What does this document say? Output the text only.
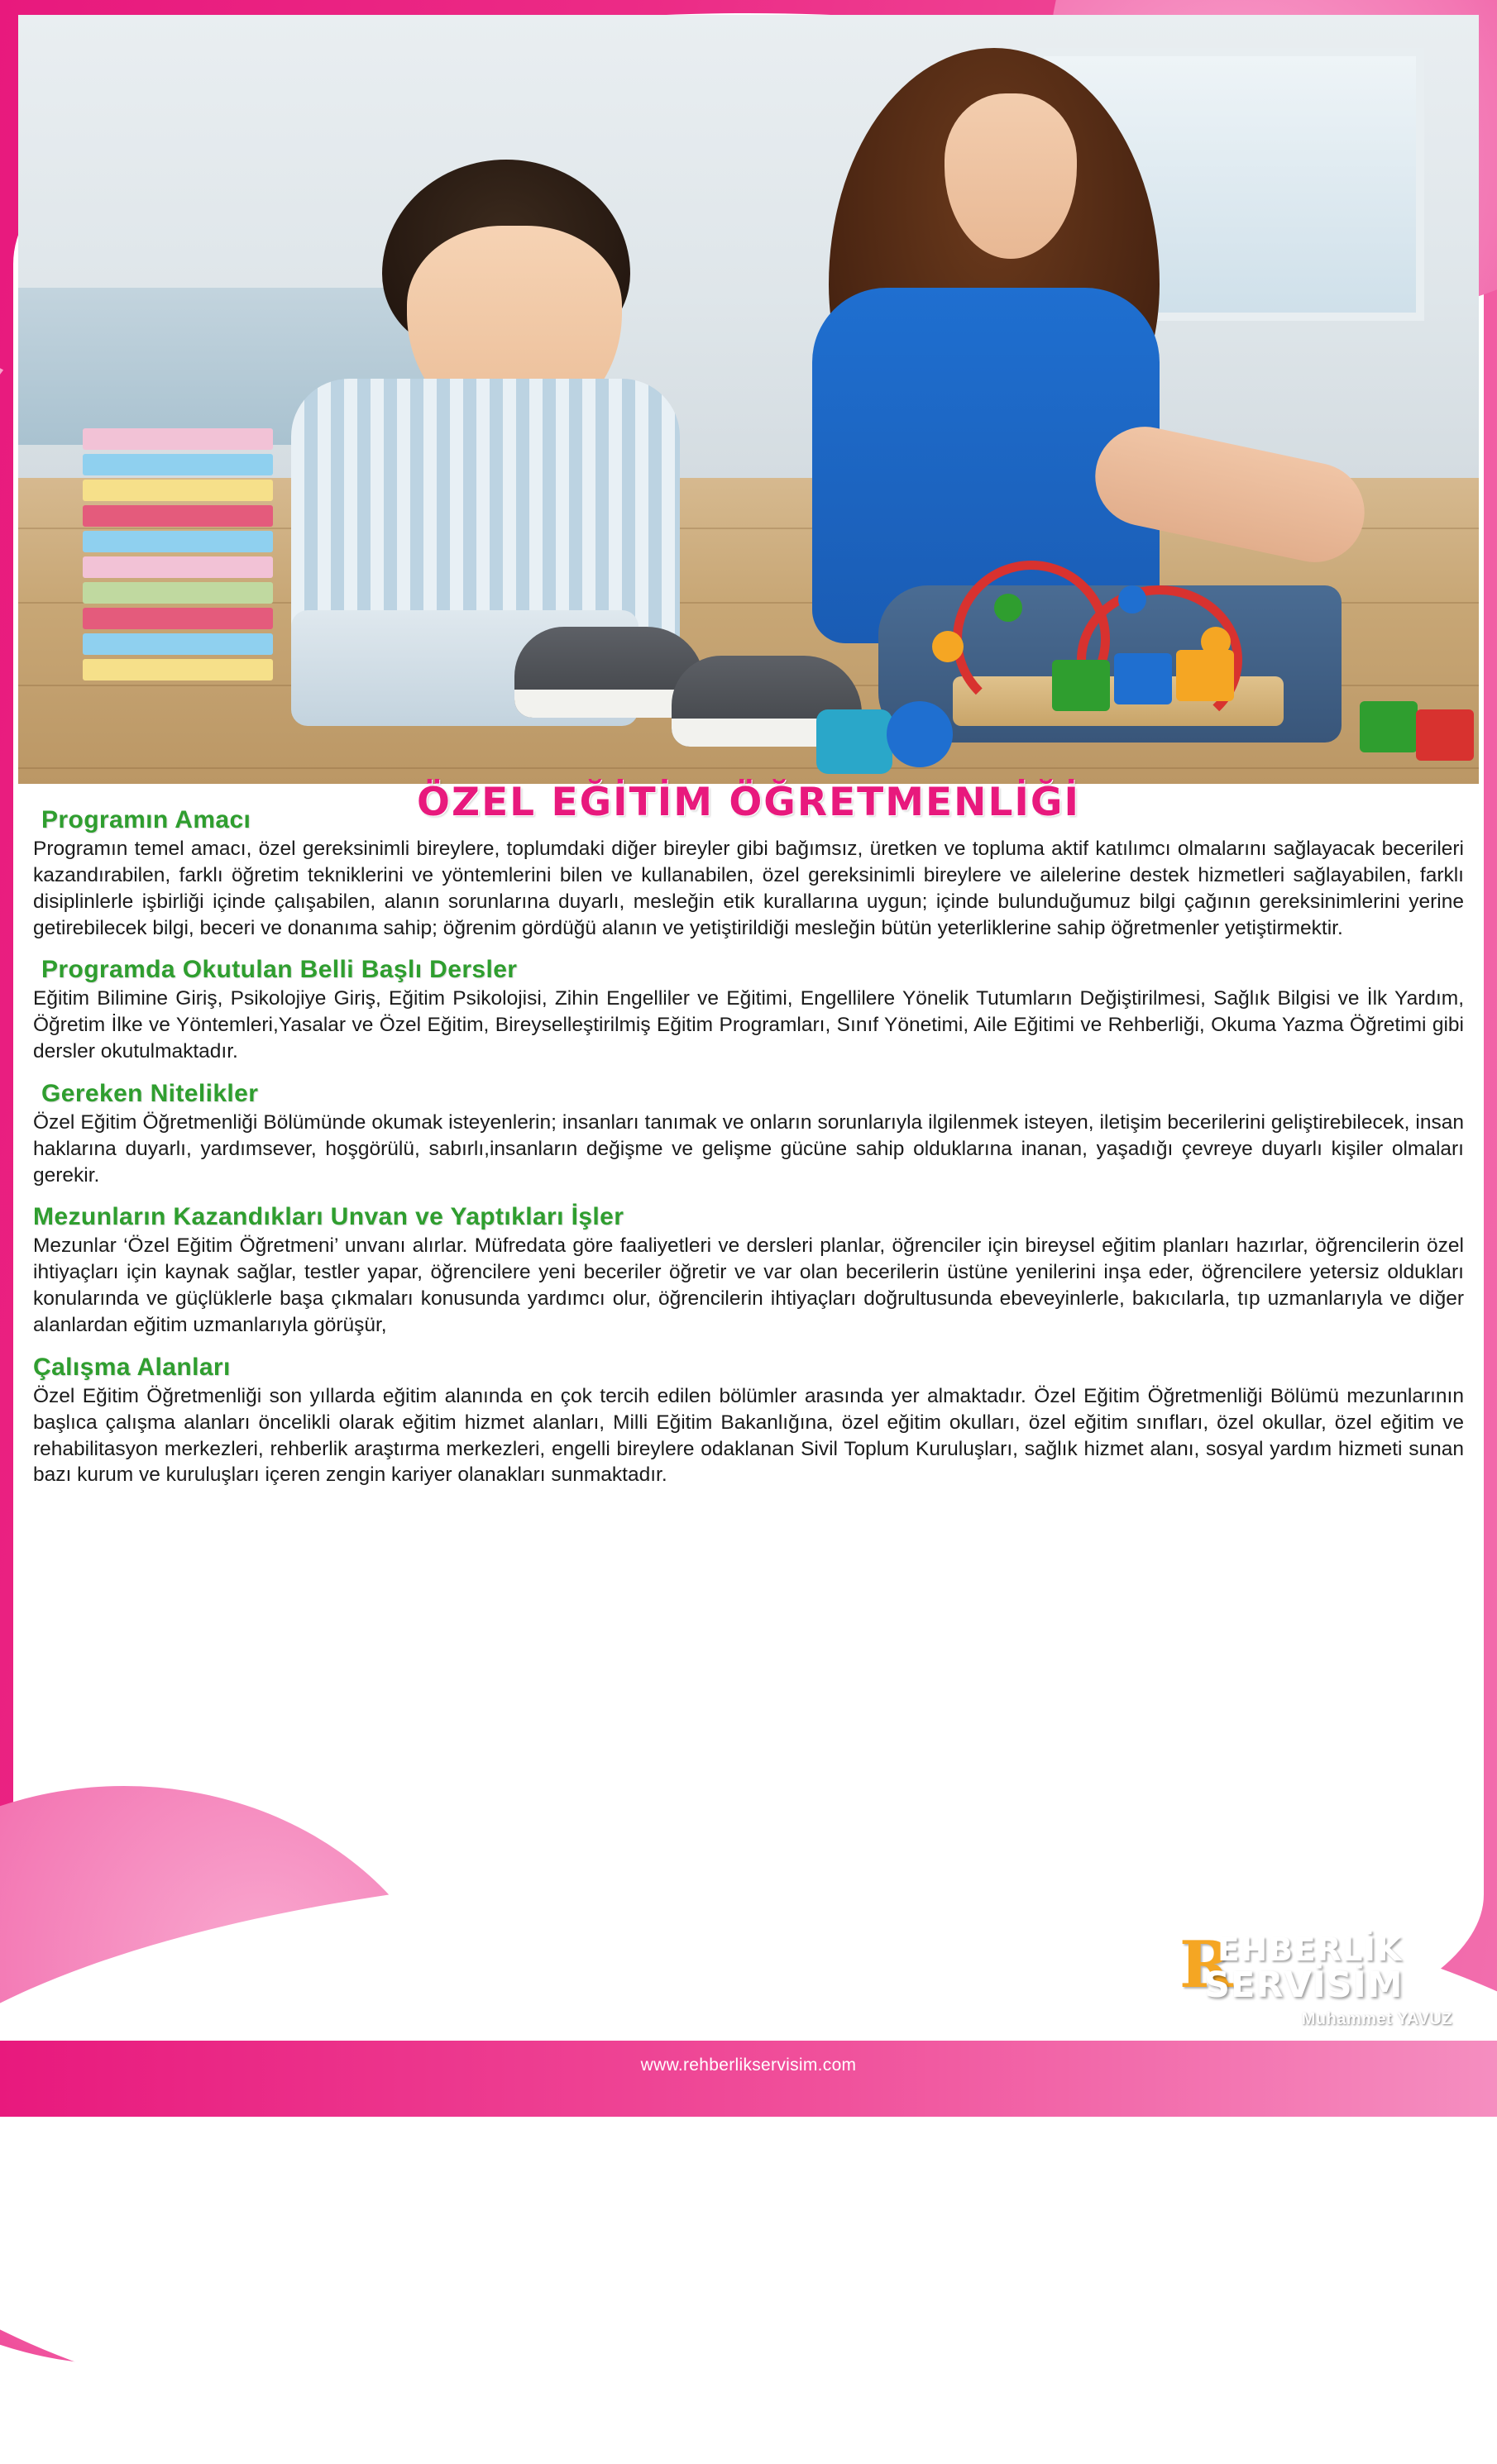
ÖZEL EĞİTİM ÖĞRETMENLİĞİ
Programın Amacı

Programın temel amacı, özel gereksinimli bireylere, toplumdaki diğer bireyler gibi bağımsız, üretken ve topluma aktif katılımcı olmalarını sağlayacak becerileri kazandırabilen, farklı öğretim tekniklerini ve yöntemlerini bilen ve kullanabilen, özel gereksinimli bireylere ve ailelerine destek hizmetleri sağlayabilen, farklı disiplinlerle işbirliği içinde çalışabilen, alanın sorunlarına duyarlı, mesleğin etik kurallarına uygun; içinde bulunduğumuz bilgi çağının gereksinimlerini yerine getirebilecek bilgi, beceri ve donanıma sahip; öğrenim gördüğü alanın ve yetiştirildiği mesleğin bütün yeterliklerine sahip öğretmenler yetiştirmektir.

Programda Okutulan Belli Başlı Dersler

Eğitim Bilimine Giriş, Psikolojiye Giriş, Eğitim Psikolojisi, Zihin Engelliler ve Eğitimi, Engellilere Yönelik Tutumların Değiştirilmesi, Sağlık Bilgisi ve İlk Yardım, Öğretim İlke ve Yöntemleri,Yasalar ve Özel Eğitim, Bireyselleştirilmiş Eğitim Programları, Sınıf Yönetimi, Aile Eğitimi ve Rehberliği, Okuma Yazma Öğretimi gibi dersler okutulmaktadır.

Gereken Nitelikler

Özel Eğitim Öğretmenliği Bölümünde okumak isteyenlerin; insanları tanımak ve onların sorunlarıyla ilgilenmek isteyen, iletişim becerilerini geliştirebilecek, insan haklarına duyarlı, yardımsever, hoşgörülü, sabırlı,insanların değişme ve gelişme gücüne sahip olduklarına inanan, yaşadığı çevreye duyarlı kişiler olmaları gerekir.

Mezunların Kazandıkları Unvan ve Yaptıkları İşler

Mezunlar ‘Özel Eğitim Öğretmeni’ unvanı alırlar. Müfredata göre faaliyetleri ve dersleri planlar, öğrenciler için bireysel eğitim planları hazırlar, öğrencilerin özel ihtiyaçları için kaynak sağlar, testler yapar, öğrencilere yeni beceriler öğretir ve var olan becerilerin üstüne yenilerini inşa eder, öğrencilere yetersiz oldukları konularında ve güçlüklerle başa çıkmaları konusunda yardımcı olur, öğrencilerin ihtiyaçları doğrultusunda ebeveyinlerle, bakıcılarla, tıp uzmanlarıyla ve diğer alanlardan eğitim uzmanlarıyla görüşür,

Çalışma Alanları

Özel Eğitim Öğretmenliği son yıllarda eğitim alanında en çok tercih edilen bölümler arasında yer almaktadır. Özel Eğitim Öğretmenliği Bölümü mezunlarının başlıca çalışma alanları öncelikli olarak eğitim hizmet alanları, Milli Eğitim Bakanlığına, özel eğitim okulları, özel eğitim sınıfları, özel okullar, özel eğitim ve rehabilitasyon merkezleri, rehberlik araştırma merkezleri, engelli bireylere odaklanan Sivil Toplum Kuruluşları, sağlık hizmet alanı, sosyal yardım hizmeti sunan bazı kurum ve kuruluşları içeren zengin kariyer olanakları sunmaktadır.

R
EHBERLİK
SERVİSİM
Muhammet YAVUZ
www.rehberlikservisim.com
